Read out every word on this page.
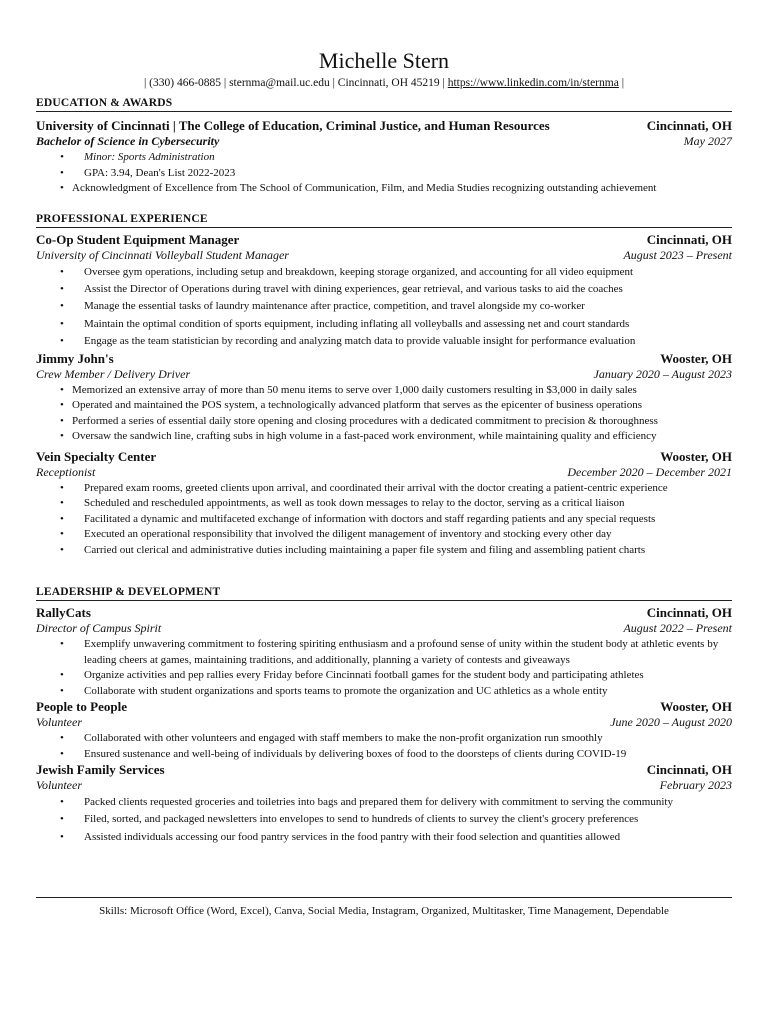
Michelle Stern
| (330) 466-0885 | sternma@mail.uc.edu | Cincinnati, OH 45219 | https://www.linkedin.com/in/sternma |
EDUCATION & AWARDS
University of Cincinnati | The College of Education, Criminal Justice, and Human Resources	Cincinnati, OH
Bachelor of Science in Cybersecurity	May 2027
• Minor: Sports Administration
• GPA: 3.94, Dean's List 2022-2023
• Acknowledgment of Excellence from The School of Communication, Film, and Media Studies recognizing outstanding achievement
PROFESSIONAL EXPERIENCE
Co-Op Student Equipment Manager	Cincinnati, OH
University of Cincinnati Volleyball Student Manager	August 2023 – Present
• Oversee gym operations, including setup and breakdown, keeping storage organized, and accounting for all video equipment
• Assist the Director of Operations during travel with dining experiences, gear retrieval, and various tasks to aid the coaches
• Manage the essential tasks of laundry maintenance after practice, competition, and travel alongside my co-worker
• Maintain the optimal condition of sports equipment, including inflating all volleyballs and assessing net and court standards
• Engage as the team statistician by recording and analyzing match data to provide valuable insight for performance evaluation
Jimmy John's	Wooster, OH
Crew Member / Delivery Driver	January 2020 – August 2023
• Memorized an extensive array of more than 50 menu items to serve over 1,000 daily customers resulting in $3,000 in daily sales
• Operated and maintained the POS system, a technologically advanced platform that serves as the epicenter of business operations
• Performed a series of essential daily store opening and closing procedures with a dedicated commitment to precision & thoroughness
• Oversaw the sandwich line, crafting subs in high volume in a fast-paced work environment, while maintaining quality and efficiency
Vein Specialty Center	Wooster, OH
Receptionist	December 2020 – December 2021
• Prepared exam rooms, greeted clients upon arrival, and coordinated their arrival with the doctor creating a patient-centric experience
• Scheduled and rescheduled appointments, as well as took down messages to relay to the doctor, serving as a critical liaison
• Facilitated a dynamic and multifaceted exchange of information with doctors and staff regarding patients and any special requests
• Executed an operational responsibility that involved the diligent management of inventory and stocking every other day
• Carried out clerical and administrative duties including maintaining a paper file system and filing and assembling patient charts
LEADERSHIP & DEVELOPMENT
RallyCats	Cincinnati, OH
Director of Campus Spirit	August 2022 – Present
• Exemplify unwavering commitment to fostering spiriting enthusiasm and a profound sense of unity within the student body at athletic events by leading cheers at games, maintaining traditions, and additionally, planning a variety of contests and giveaways
• Organize activities and pep rallies every Friday before Cincinnati football games for the student body and participating athletes
• Collaborate with student organizations and sports teams to promote the organization and UC athletics as a whole entity
People to People	Wooster, OH
Volunteer	June 2020 – August 2020
• Collaborated with other volunteers and engaged with staff members to make the non-profit organization run smoothly
• Ensured sustenance and well-being of individuals by delivering boxes of food to the doorsteps of clients during COVID-19
Jewish Family Services	Cincinnati, OH
Volunteer	February 2023
• Packed clients requested groceries and toiletries into bags and prepared them for delivery with commitment to serving the community
• Filed, sorted, and packaged newsletters into envelopes to send to hundreds of clients to survey the client's grocery preferences
• Assisted individuals accessing our food pantry services in the food pantry with their food selection and quantities allowed
Skills: Microsoft Office (Word, Excel), Canva, Social Media, Instagram, Organized, Multitasker, Time Management, Dependable
